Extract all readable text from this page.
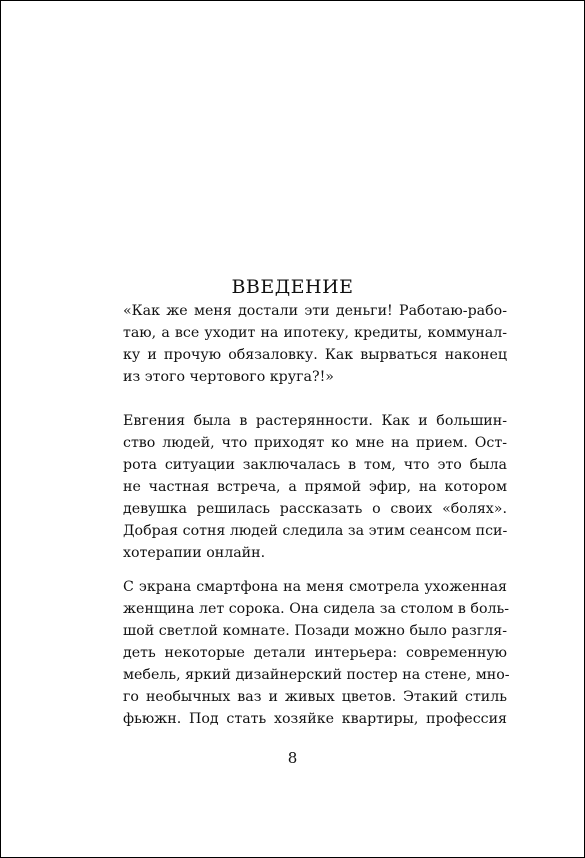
ВВЕДЕНИЕ
«Как же меня достали эти деньги! Работаю-рабо-
таю, а все уходит на ипотеку, кредиты, коммунал-
ку и прочую обязаловку. Как вырваться наконец
из этого чертового круга?!»
Евгения была в растерянности. Как и большин-
ство людей, что приходят ко мне на прием. Ост-
рота ситуации заключалась в том, что это была
не частная встреча, а прямой эфир, на котором
девушка решилась рассказать о своих «болях».
Добрая сотня людей следила за этим сеансом пси-
хотерапии онлайн.
С экрана смартфона на меня смотрела ухоженная
женщина лет сорока. Она сидела за столом в боль-
шой светлой комнате. Позади можно было разгля-
деть некоторые детали интерьера: современную
мебель, яркий дизайнерский постер на стене, мно-
го необычных ваз и живых цветов. Этакий стиль
фьюжн. Под стать хозяйке квартиры, профессия
8
